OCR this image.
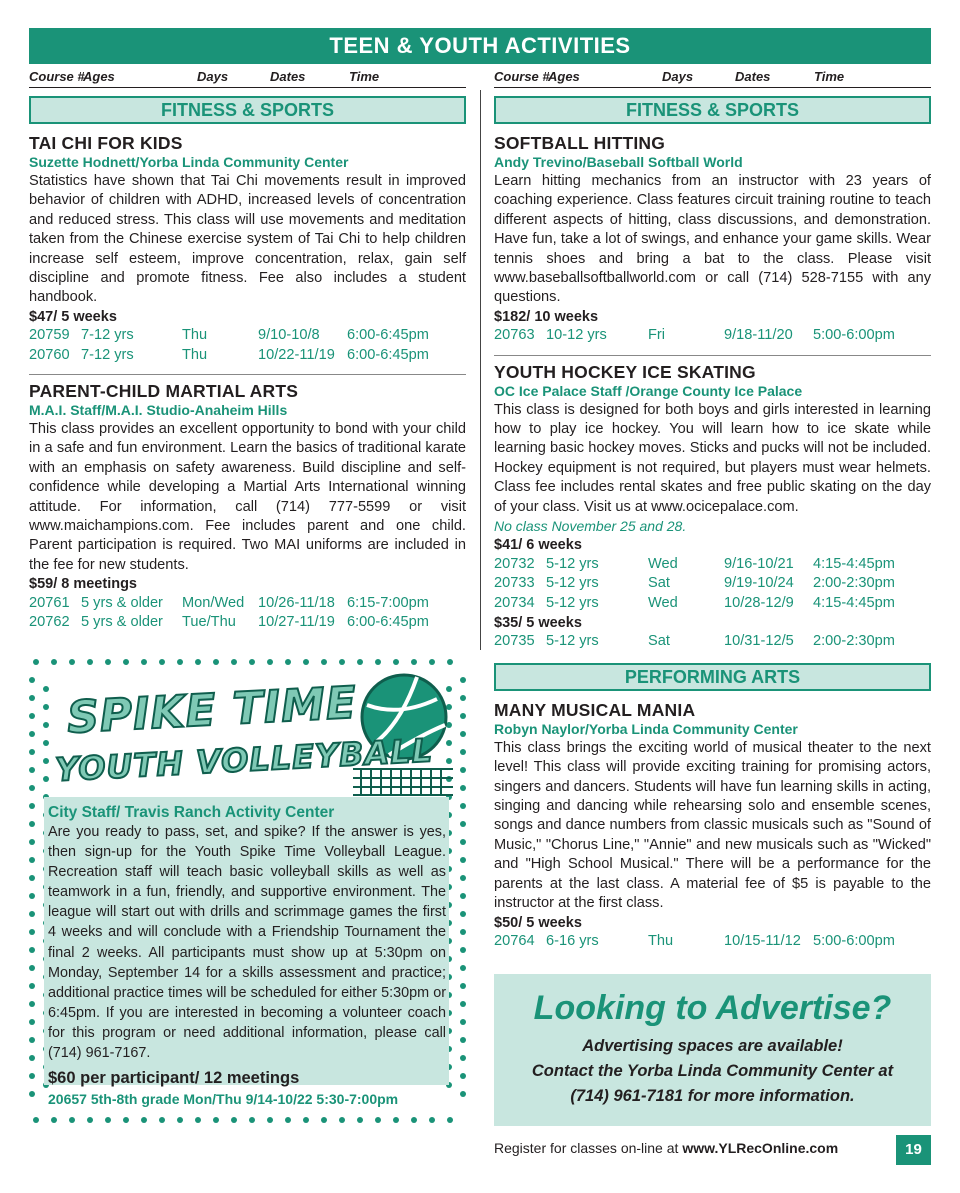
TEEN & YOUTH ACTIVITIES
Course #
Ages	Days	Dates	Time
FITNESS & SPORTS
TAI CHI FOR KIDS
Suzette Hodnett/Yorba Linda Community Center
Statistics have shown that Tai Chi movements result in improved behavior of children with ADHD, increased levels of concentration and reduced stress. This class will use movements and meditation taken from the Chinese exercise system of Tai Chi to help children increase self esteem, improve concentration, relax, gain self discipline and promote fitness. Fee also includes a student handbook.
$47/ 5 weeks
20759 7-12 yrs	Thu	9/10-10/8 6:00-6:45pm
20760 7-12 yrs	Thu	10/22-11/19 6:00-6:45pm
PARENT-CHILD MARTIAL ARTS
M.A.I. Staff/M.A.I. Studio-Anaheim Hills
This class provides an excellent opportunity to bond with your child in a safe and fun environment. Learn the basics of traditional karate with an emphasis on safety awareness. Build discipline and self-confidence while developing a Martial Arts International winning attitude. For information, call (714) 777-5599 or visit www.maichampions.com. Fee includes parent and one child. Parent participation is required. Two MAI uniforms are included in the fee for new students.
$59/ 8 meetings
20761 5 yrs & older Mon/Wed 10/26-11/18 6:15-7:00pm
20762 5 yrs & older Tue/Thu 10/27-11/19 6:00-6:45pm
SPIKE TIME
YOUTH VOLLEYBALL
City Staff/ Travis Ranch Activity Center
Are you ready to pass, set, and spike? If the answer is yes, then sign-up for the Youth Spike Time Volleyball League. Recreation staff will teach basic volleyball skills as well as teamwork in a fun, friendly, and supportive environment. The league will start out with drills and scrimmage games the first 4 weeks and will conclude with a Friendship Tournament the final 2 weeks. All participants must show up at 5:30pm on Monday, September 14 for a skills assessment and practice; additional practice times will be scheduled for either 5:30pm or 6:45pm. If you are interested in becoming a volunteer coach for this program or need additional information, please call (714) 961-7167.
$60 per participant/ 12 meetings
20657 5th-8th grade Mon/Thu 9/14-10/22 5:30-7:00pm
Course #
Ages	Days	Dates	Time
FITNESS & SPORTS
SOFTBALL HITTING
Andy Trevino/Baseball Softball World
Learn hitting mechanics from an instructor with 23 years of coaching experience. Class features circuit training routine to teach different aspects of hitting, class discussions, and demonstration. Have fun, take a lot of swings, and enhance your game skills. Wear tennis shoes and bring a bat to the class. Please visit www.baseballsoftballworld.com or call (714) 528-7155 with any questions.
$182/ 10 weeks
20763 10-12 yrs	Fri	9/18-11/20 5:00-6:00pm
YOUTH HOCKEY ICE SKATING
OC Ice Palace Staff /Orange County Ice Palace
This class is designed for both boys and girls interested in learning how to play ice hockey. You will learn how to ice skate while learning basic hockey moves. Sticks and pucks will not be included. Hockey equipment is not required, but players must wear helmets. Class fee includes rental skates and free public skating on the day of your class. Visit us at www.ocicepalace.com.
No class November 25 and 28.
$41/ 6 weeks
20732 5-12 yrs	Wed	9/16-10/21 4:15-4:45pm
20733 5-12 yrs	Sat	9/19-10/24 2:00-2:30pm
20734 5-12 yrs	Wed	10/28-12/9 4:15-4:45pm
$35/ 5 weeks
20735 5-12 yrs	Sat	10/31-12/5 2:00-2:30pm
PERFORMING ARTS
MANY MUSICAL MANIA
Robyn Naylor/Yorba Linda Community Center
This class brings the exciting world of musical theater to the next level! This class will provide exciting training for promising actors, singers and dancers. Students will have fun learning skills in acting, singing and dancing while rehearsing solo and ensemble scenes, songs and dance numbers from classic musicals such as "Sound of Music," "Chorus Line," "Annie" and new musicals such as "Wicked" and "High School Musical." There will be a performance for the parents at the last class. A material fee of $5 is payable to the instructor at the first class.
$50/ 5 weeks
20764 6-16 yrs	Thu	10/15-11/12 5:00-6:00pm
Looking to Advertise?
Advertising spaces are available!
Contact the Yorba Linda Community Center at
(714) 961-7181 for more information.
Register for classes on-line at www.YLRecOnline.com	19
